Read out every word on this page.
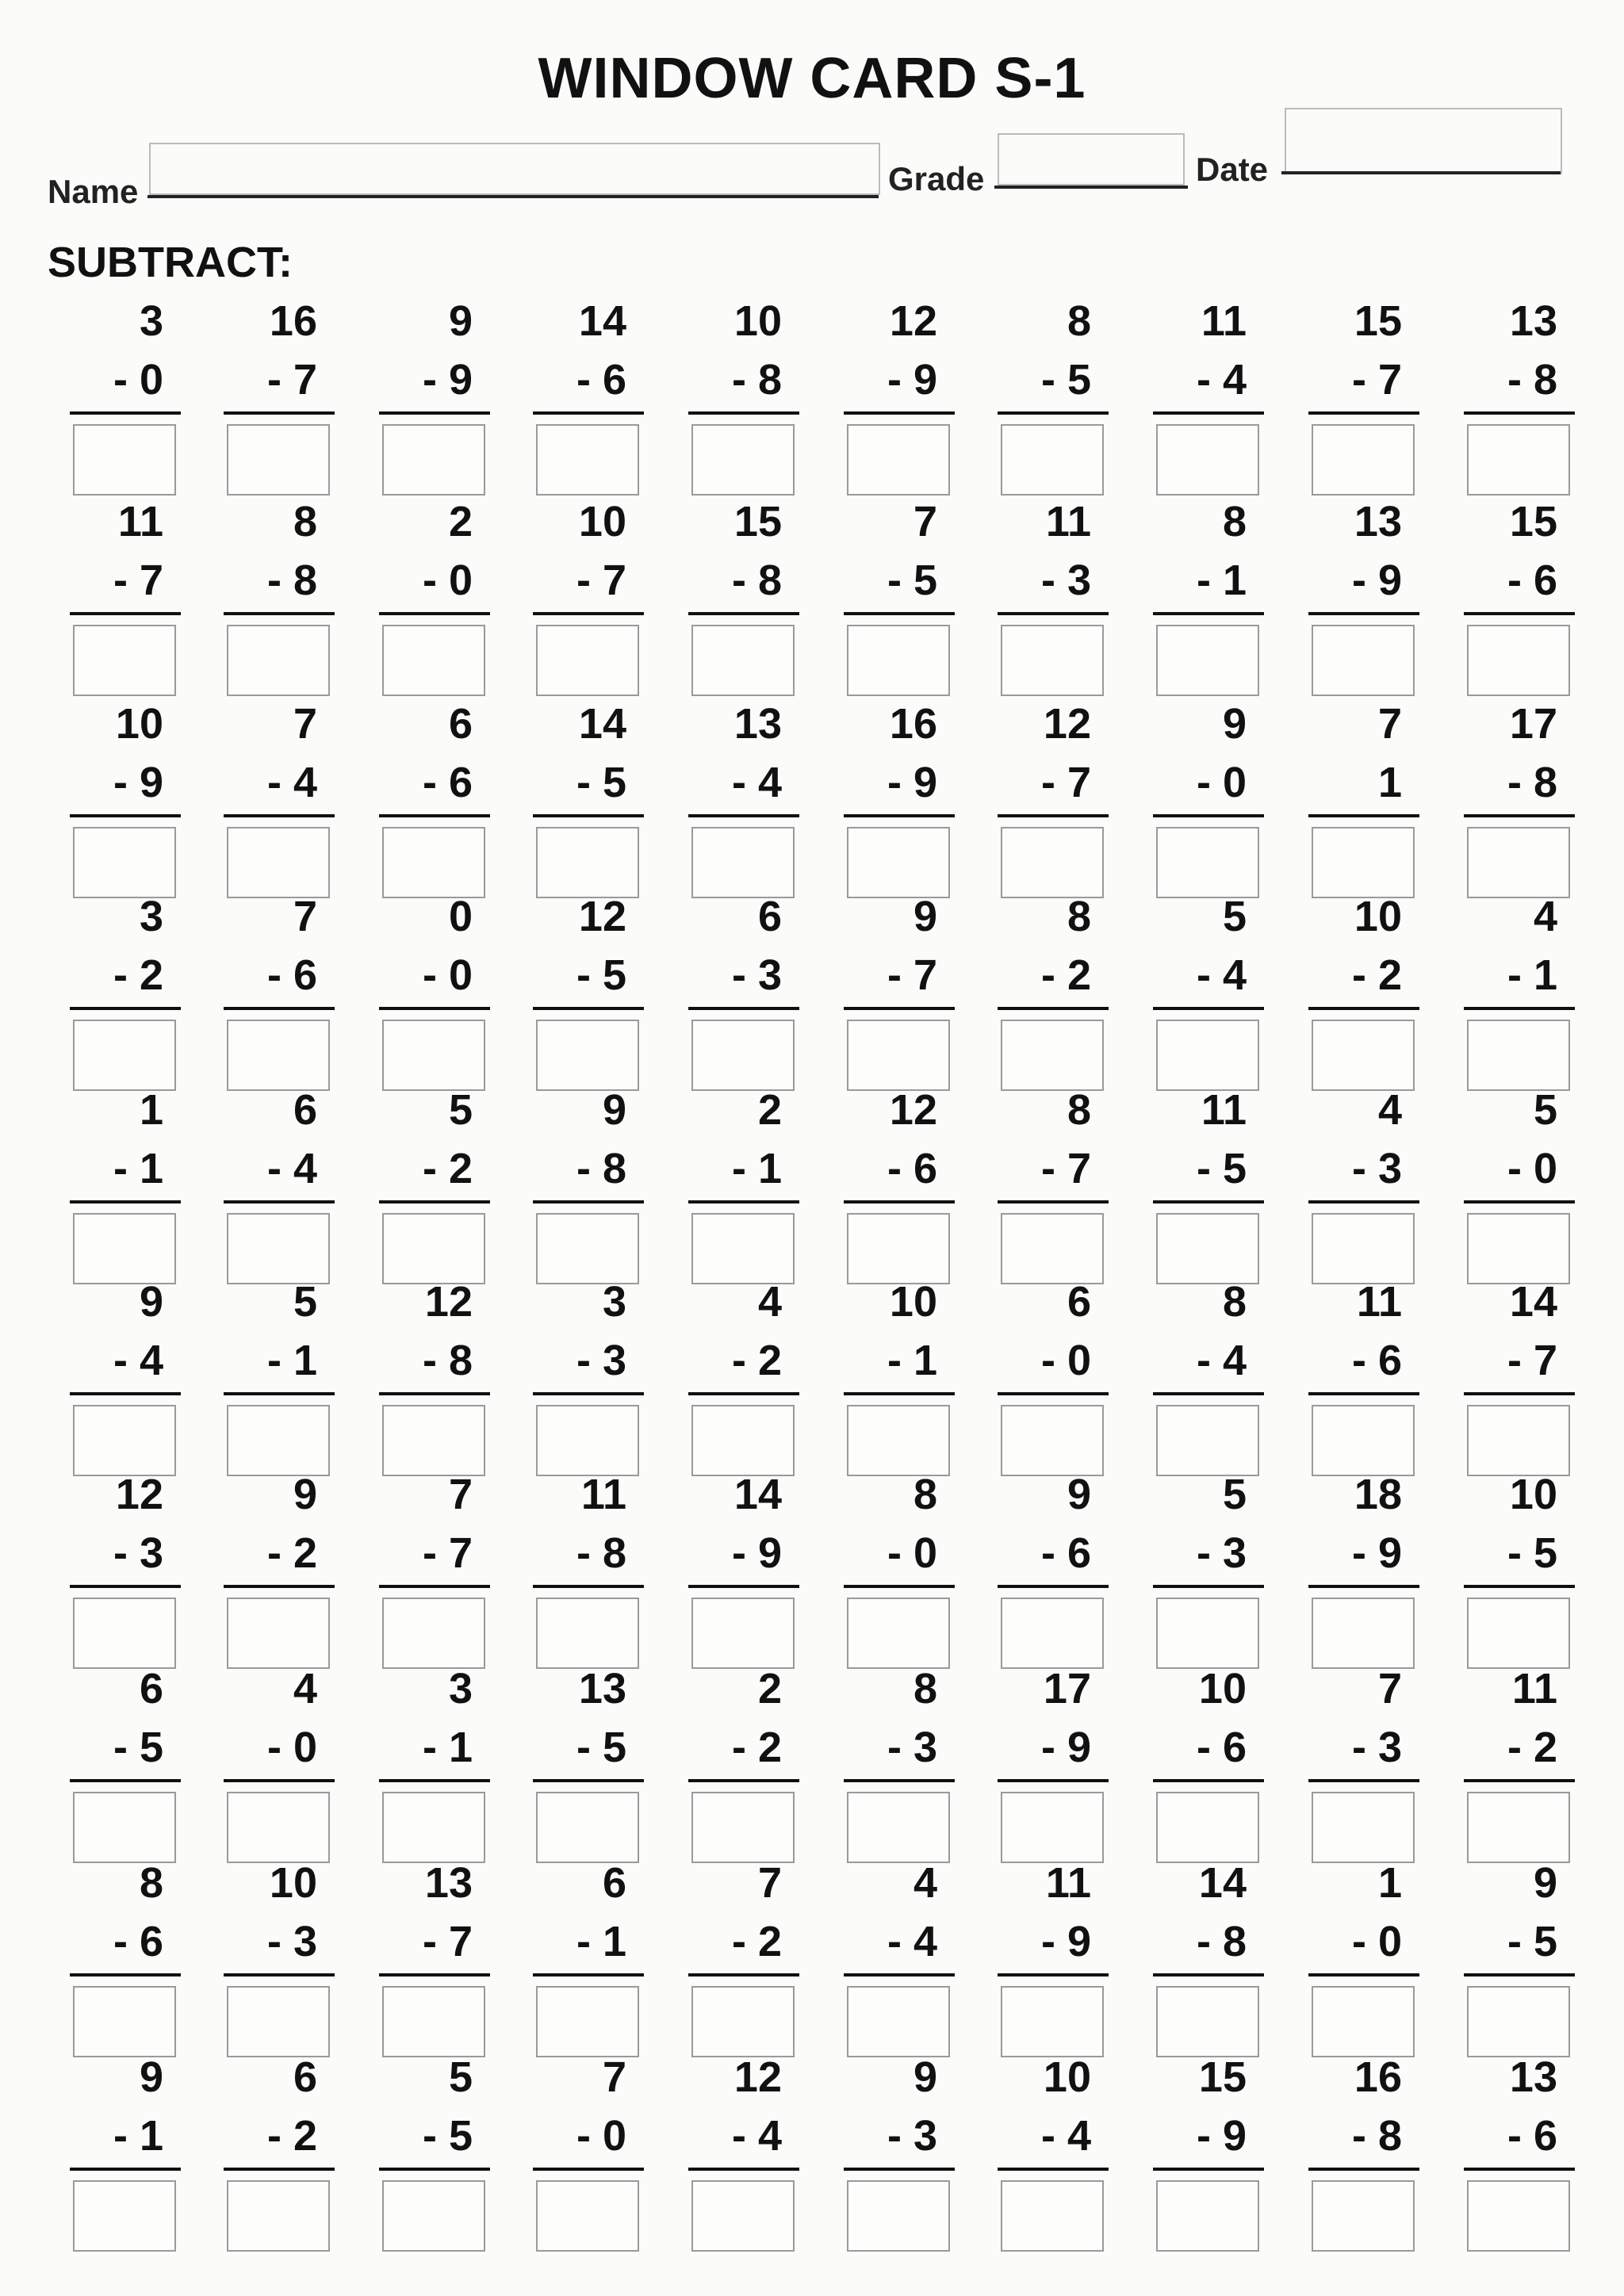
WINDOW CARD S-1
Name	Grade	Date
SUBTRACT:
3
- 0
16
- 7
9
- 9
14
- 6
10
- 8
12
- 9
8
- 5
11
- 4
15
- 7
13
- 8
11
- 7
8
- 8
2
- 0
10
- 7
15
- 8
7
- 5
11
- 3
8
- 1
13
- 9
15
- 6
10
- 9
7
- 4
6
- 6
14
- 5
13
- 4
16
- 9
12
- 7
9
- 0
7
1
17
- 8
3
- 2
7
- 6
0
- 0
12
- 5
6
- 3
9
- 7
8
- 2
5
- 4
10
- 2
4
- 1
1
- 1
6
- 4
5
- 2
9
- 8
2
- 1
12
- 6
8
- 7
11
- 5
4
- 3
5
- 0
9
- 4
5
- 1
12
- 8
3
- 3
4
- 2
10
- 1
6
- 0
8
- 4
11
- 6
14
- 7
12
- 3
9
- 2
7
- 7
11
- 8
14
- 9
8
- 0
9
- 6
5
- 3
18
- 9
10
- 5
6
- 5
4
- 0
3
- 1
13
- 5
2
- 2
8
- 3
17
- 9
10
- 6
7
- 3
11
- 2
8
- 6
10
- 3
13
- 7
6
- 1
7
- 2
4
- 4
11
- 9
14
- 8
1
- 0
9
- 5
9
- 1
6
- 2
5
- 5
7
- 0
12
- 4
9
- 3
10
- 4
15
- 9
16
- 8
13
- 6
